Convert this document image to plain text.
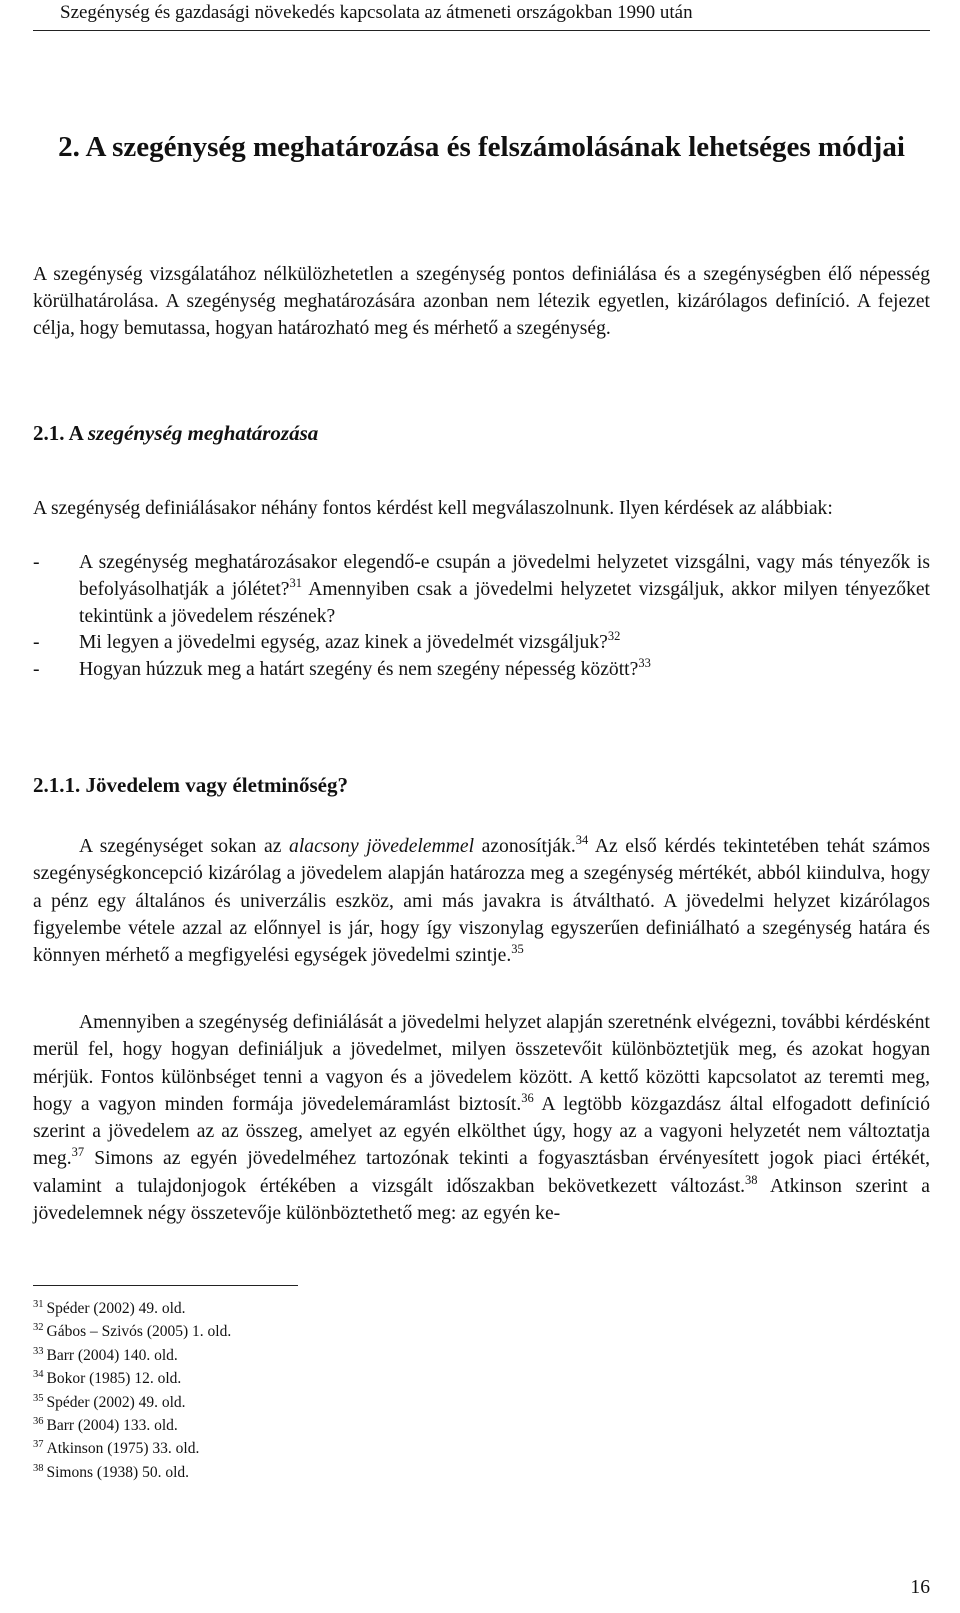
Szegénység és gazdasági növekedés kapcsolata az átmeneti országokban 1990 után
2. A szegénység meghatározása és felszámolásának lehetséges módjai

A szegénység vizsgálatához nélkülözhetetlen a szegénység pontos definiálása és a szegénységben élő népesség körülhatárolása. A szegénység meghatározására azonban nem létezik egyetlen, kizárólagos definíció. A fejezet célja, hogy bemutassa, hogyan határozható meg és mérhető a szegénység.

2.1. A szegénység meghatározása

A szegénység definiálásakor néhány fontos kérdést kell megválaszolnunk. Ilyen kérdések az alábbiak:

- A szegénység meghatározásakor elegendő-e csupán a jövedelmi helyzetet vizsgálni, vagy más tényezők is befolyásolhatják a jólétet?$^{31}$ Amennyiben csak a jövedelmi helyzetet vizsgáljuk, akkor milyen tényezőket tekintünk a jövedelem részének?
- Mi legyen a jövedelmi egység, azaz kinek a jövedelmét vizsgáljuk?$^{32}$
- Hogyan húzzuk meg a határt szegény és nem szegény népesség között?$^{33}$
2.1.1. Jövedelem vagy életminőség?

A szegénységet sokan az alacsony jövedelemmel azonosítják.$^{34}$ Az első kérdés tekintetében tehát számos szegénységkoncepció kizárólag a jövedelem alapján határozza meg a szegénység mértékét, abból kiindulva, hogy a pénz egy általános és univerzális eszköz, ami más javakra is átváltható. A jövedelmi helyzet kizárólagos figyelembe vétele azzal az előnnyel is jár, hogy így viszonylag egyszerűen definiálható a szegénység határa és könnyen mérhető a megfigyelési egységek jövedelmi szintje.$^{35}$

Amennyiben a szegénység definiálását a jövedelmi helyzet alapján szeretnénk elvégezni, további kérdésként merül fel, hogy hogyan definiáljuk a jövedelmet, milyen összetevőit különböztetjük meg, és azokat hogyan mérjük. Fontos különbséget tenni a vagyon és a jövedelem között. A kettő közötti kapcsolatot az teremti meg, hogy a vagyon minden formája jövedelemáramlást biztosít.$^{36}$ A legtöbb közgazdász által elfogadott definíció szerint a jövedelem az az összeg, amelyet az egyén elkölthet úgy, hogy az a vagyoni helyzetét nem változtatja meg.$^{37}$ Simons az egyén jövedelméhez tartozónak tekinti a fogyasztásban érvényesített jogok piaci értékét, valamint a tulajdonjogok értékében a vizsgált időszakban bekövetkezett változást.$^{38}$ Atkinson szerint a jövedelemnek négy összetevője különböztethető meg: az egyén ke-

$^{31}$ Spéder (2002) 49. old.
$^{32}$ Gábos – Szivós (2005) 1. old.
$^{33}$ Barr (2004) 140. old.
$^{34}$ Bokor (1985) 12. old.
$^{35}$ Spéder (2002) 49. old.
$^{36}$ Barr (2004) 133. old.
$^{37}$ Atkinson (1975) 33. old.
$^{38}$ Simons (1938) 50. old.
16
